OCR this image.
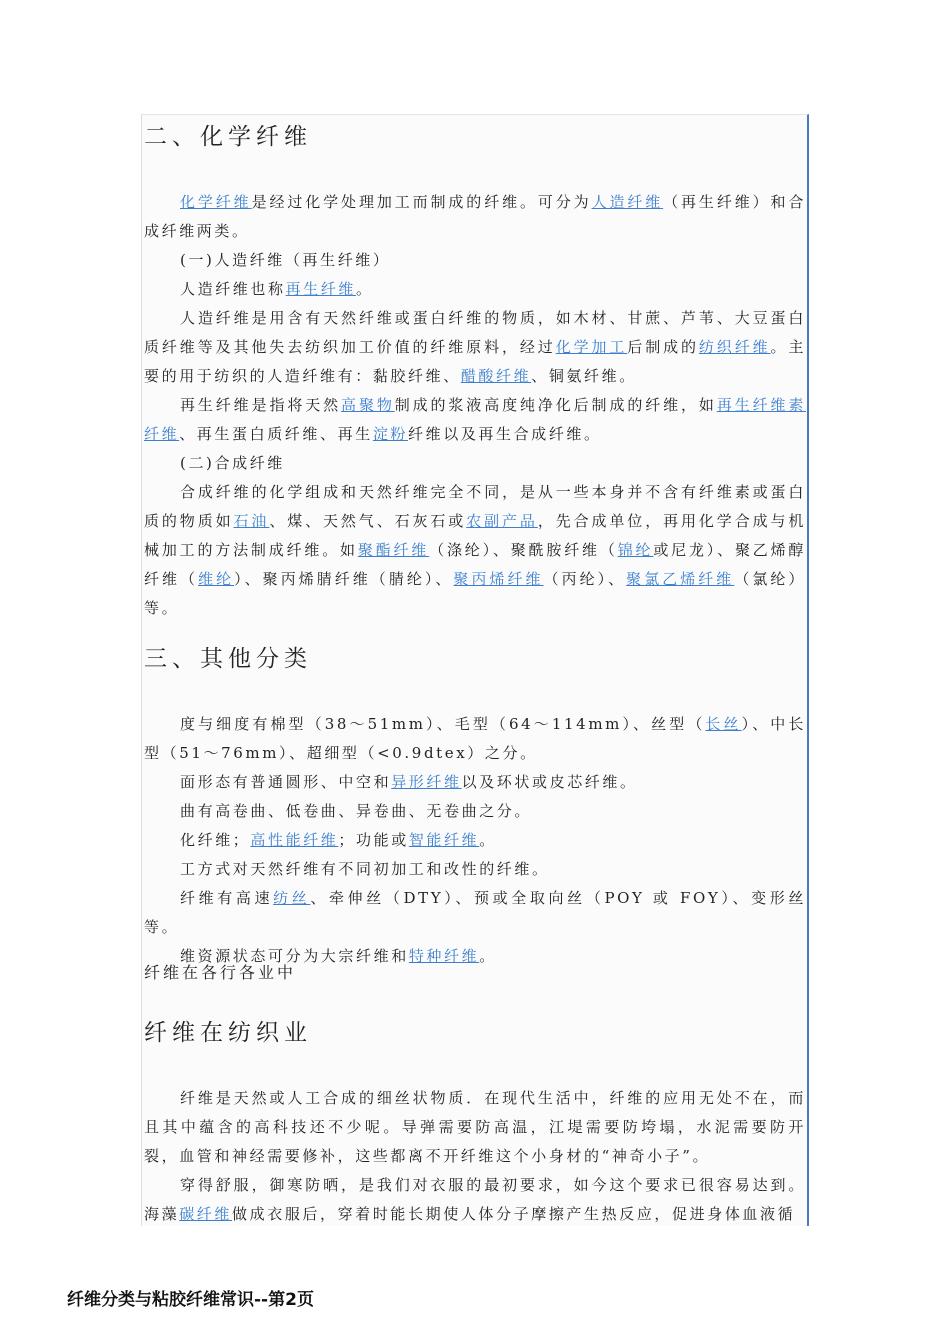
二、化学纤维

化学纤维是经过化学处理加工而制成的纤维。可分为人造纤维（再生纤维）和合成纤维两类。

(一)人造纤维（再生纤维）

人造纤维也称再生纤维。

人造纤维是用含有天然纤维或蛋白纤维的物质，如木材、甘蔗、芦苇、大豆蛋白质纤维等及其他失去纺织加工价值的纤维原料，经过化学加工后制成的纺织纤维。主要的用于纺织的人造纤维有：黏胶纤维、醋酸纤维、铜氨纤维。

再生纤维是指将天然高聚物制成的浆液高度纯净化后制成的纤维，如再生纤维素纤维、再生蛋白质纤维、再生淀粉纤维以及再生合成纤维。

(二)合成纤维

合成纤维的化学组成和天然纤维完全不同，是从一些本身并不含有纤维素或蛋白质的物质如石油、煤、天然气、石灰石或农副产品，先合成单位，再用化学合成与机械加工的方法制成纤维。如聚酯纤维（涤纶）、聚酰胺纤维（锦纶或尼龙）、聚乙烯醇纤维（维纶）、聚丙烯腈纤维（腈纶）、聚丙烯纤维（丙纶）、聚氯乙烯纤维（氯纶）等。

三、其他分类

度与细度有棉型（38～51mm）、毛型（64～114mm）、丝型（长丝）、中长型（51～76mm）、超细型（<0.9dtex）之分。

面形态有普通圆形、中空和异形纤维以及环状或皮芯纤维。

曲有高卷曲、低卷曲、异卷曲、无卷曲之分。

化纤维；高性能纤维；功能或智能纤维。

工方式对天然纤维有不同初加工和改性的纤维。

纤维有高速纺丝、牵伸丝（DTY）、预或全取向丝（POY 或 FOY）、变形丝等。

维资源状态可分为大宗纤维和特种纤维。

纤维在各行各业中
纤维在纺织业

纤维是天然或人工合成的细丝状物质．在现代生活中，纤维的应用无处不在，而且其中蕴含的高科技还不少呢。导弹需要防高温，江堤需要防垮塌，水泥需要防开裂，血管和神经需要修补，这些都离不开纤维这个小身材的“神奇小子”。

穿得舒服，御寒防晒，是我们对衣服的最初要求，如今这个要求已很容易达到。海藻碳纤维做成衣服后，穿着时能长期使人体分子摩擦产生热反应，促进身体血液循

纤维分类与粘胶纤维常识--第2页
